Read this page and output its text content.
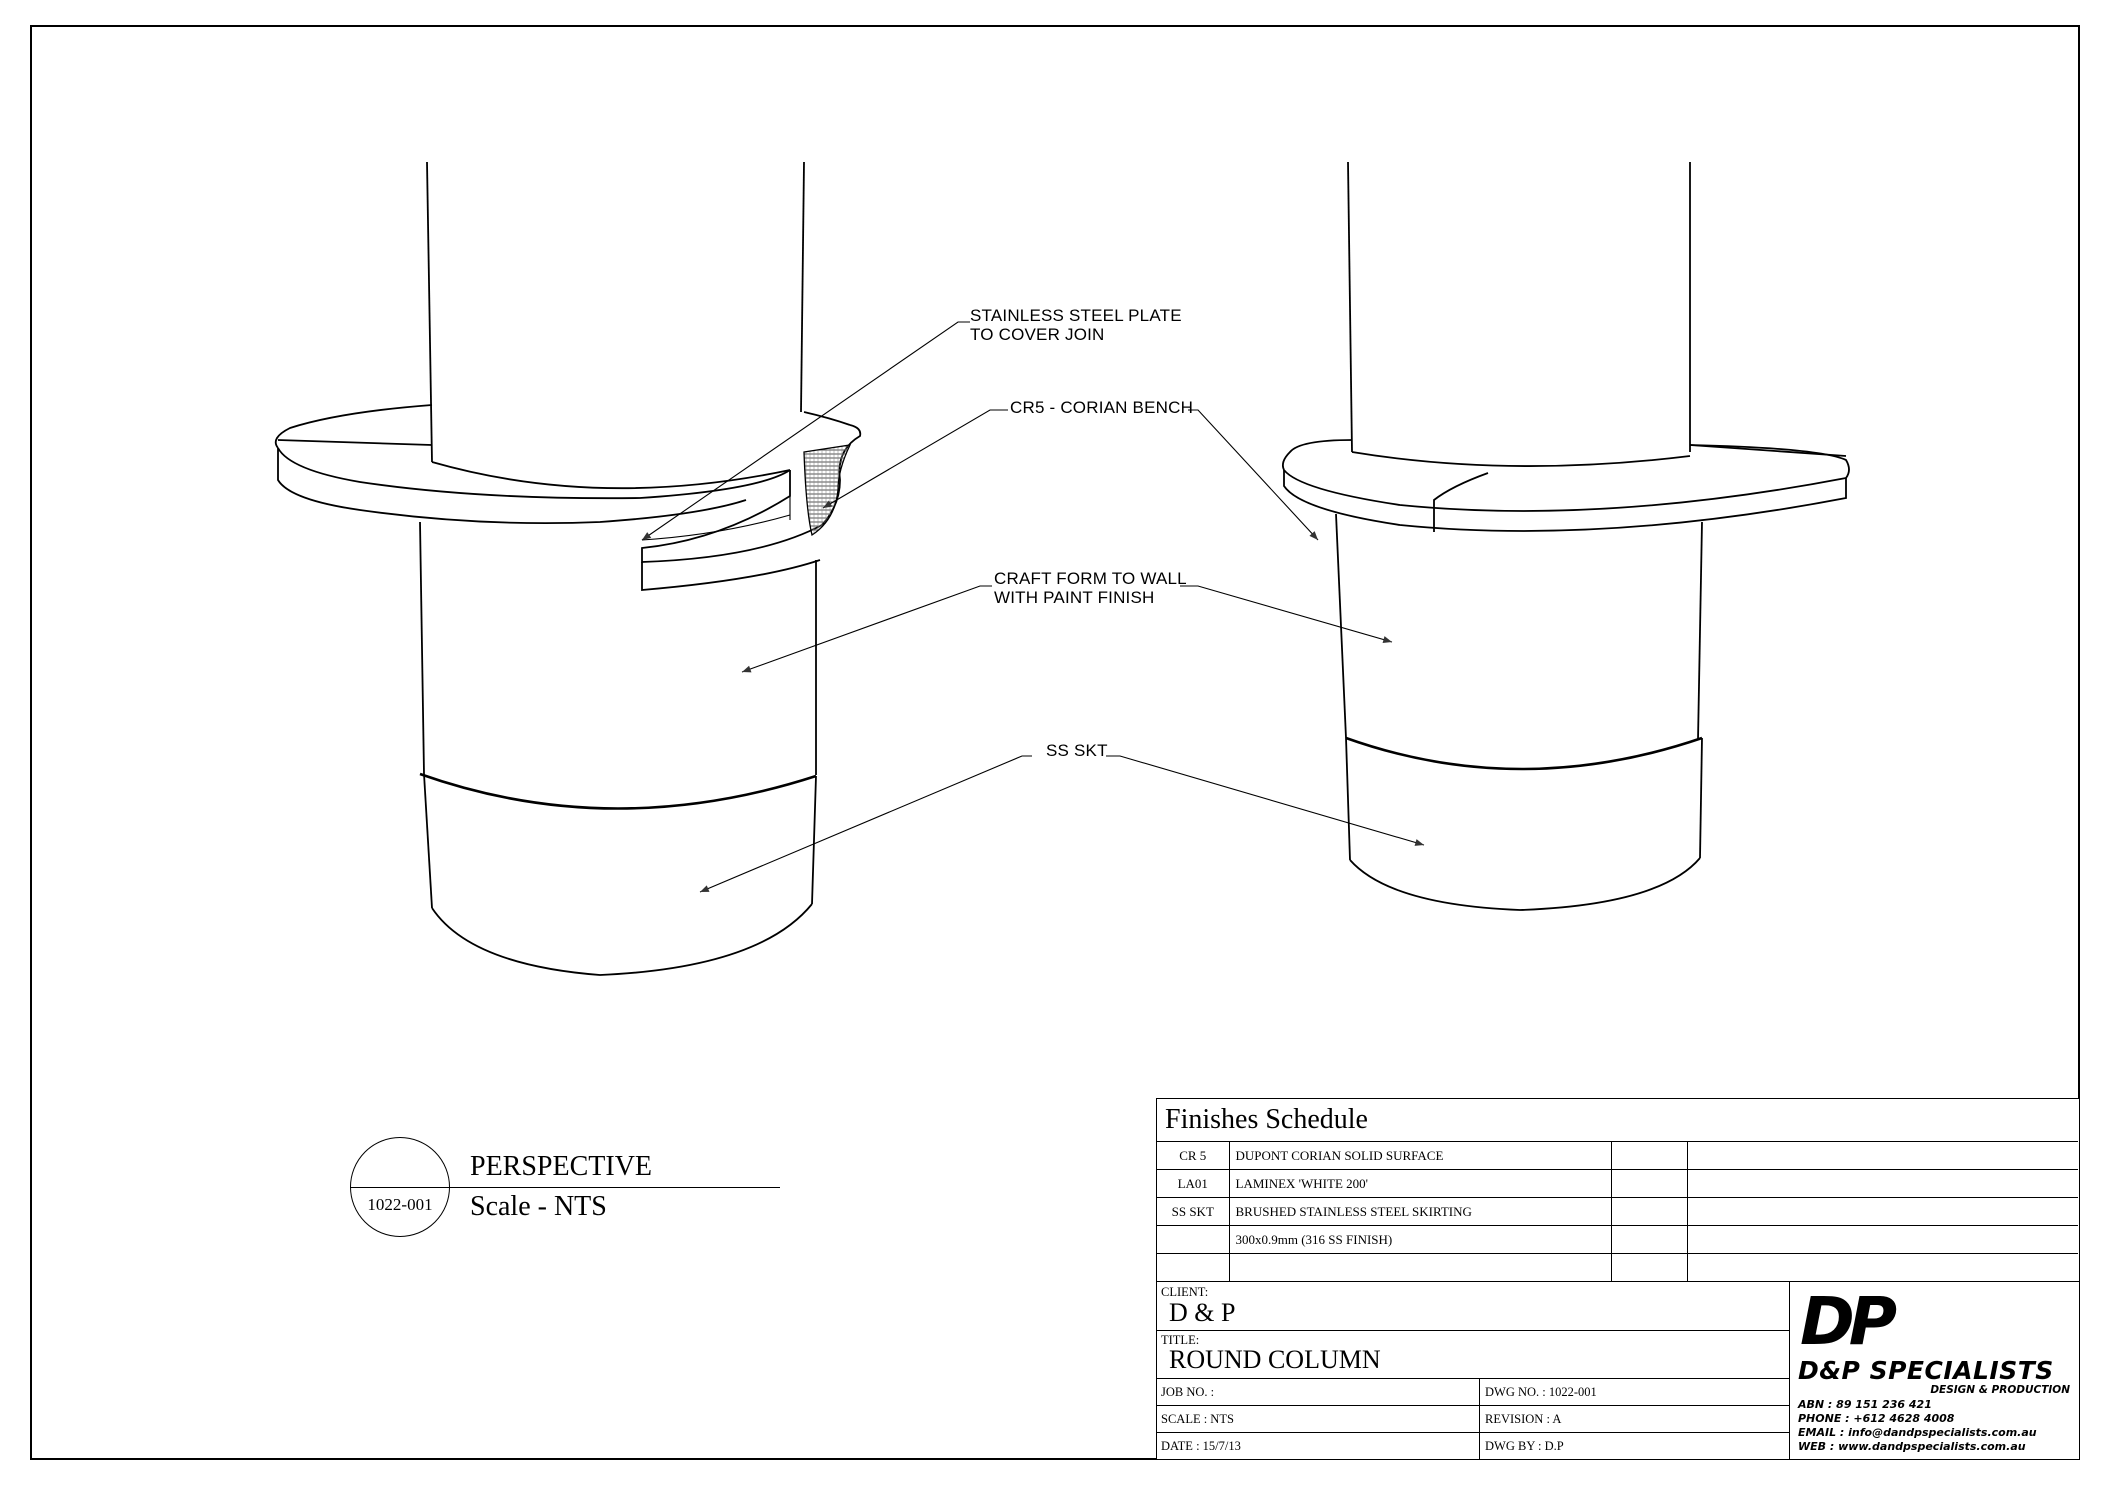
STAINLESS STEEL PLATE
TO COVER JOIN
CR5 - CORIAN BENCH
CRAFT FORM TO WALL
WITH PAINT FINISH
SS SKT
1022-001
PERSPECTIVE
Scale - NTS
Finishes Schedule
CR 5	DUPONT CORIAN SOLID SURFACE		
LA01	LAMINEX 'WHITE 200'		
SS SKT	BRUSHED STAINLESS STEEL SKIRTING		
	300x0.9mm (316 SS FINISH)		

CLIENT:
D & P
TITLE:
ROUND COLUMN
JOB NO. :	DWG NO. : 1022-001
SCALE : NTS	REVISION : A
DATE : 15/7/13	DWG BY : D.P
DP
D&P SPECIALISTS
DESIGN & PRODUCTION
ABN : 89 151 236 421
PHONE : +612 4628 4008
EMAIL : info@dandpspecialists.com.au
WEB : www.dandpspecialists.com.au
